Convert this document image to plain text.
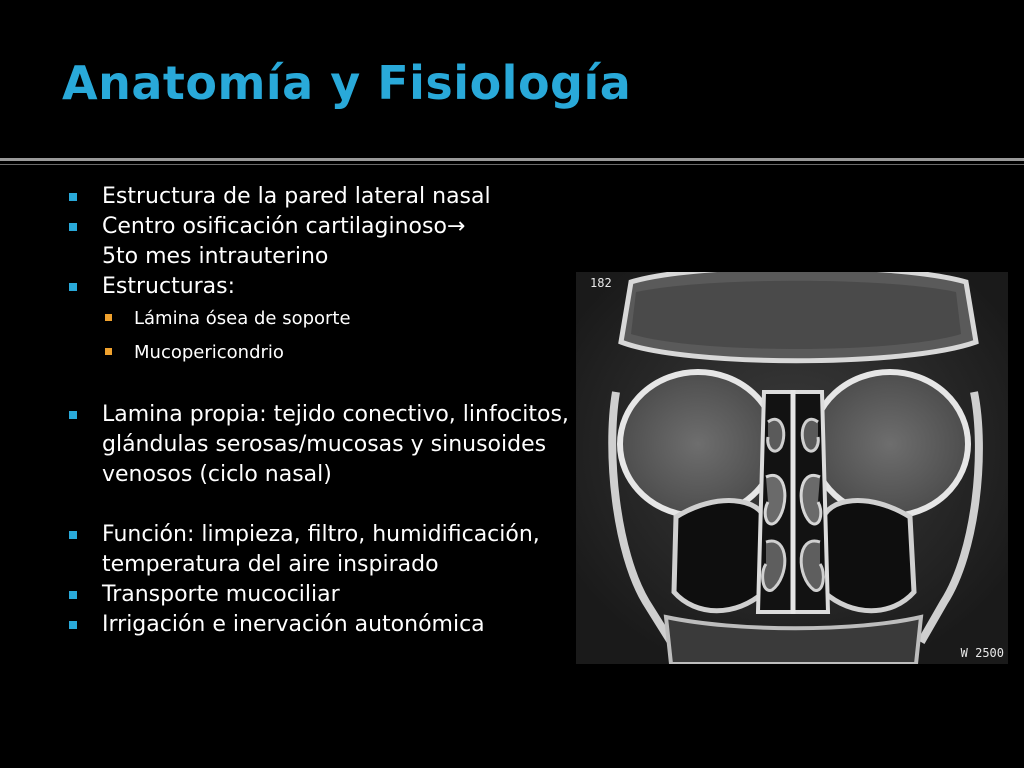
Anatomía y Fisiología
Estructura de la pared lateral nasal
Centro osificación cartilaginoso→
5to mes intrauterino
Estructuras:
Lámina ósea de soporte
Mucopericondrio
Lamina propia: tejido conectivo, linfocitos, glándulas serosas/mucosas y sinusoides venosos (ciclo nasal)
Función: limpieza, filtro, humidificación, temperatura del aire inspirado
Transporte mucociliar
Irrigación e inervación autonómica
182
W 2500
